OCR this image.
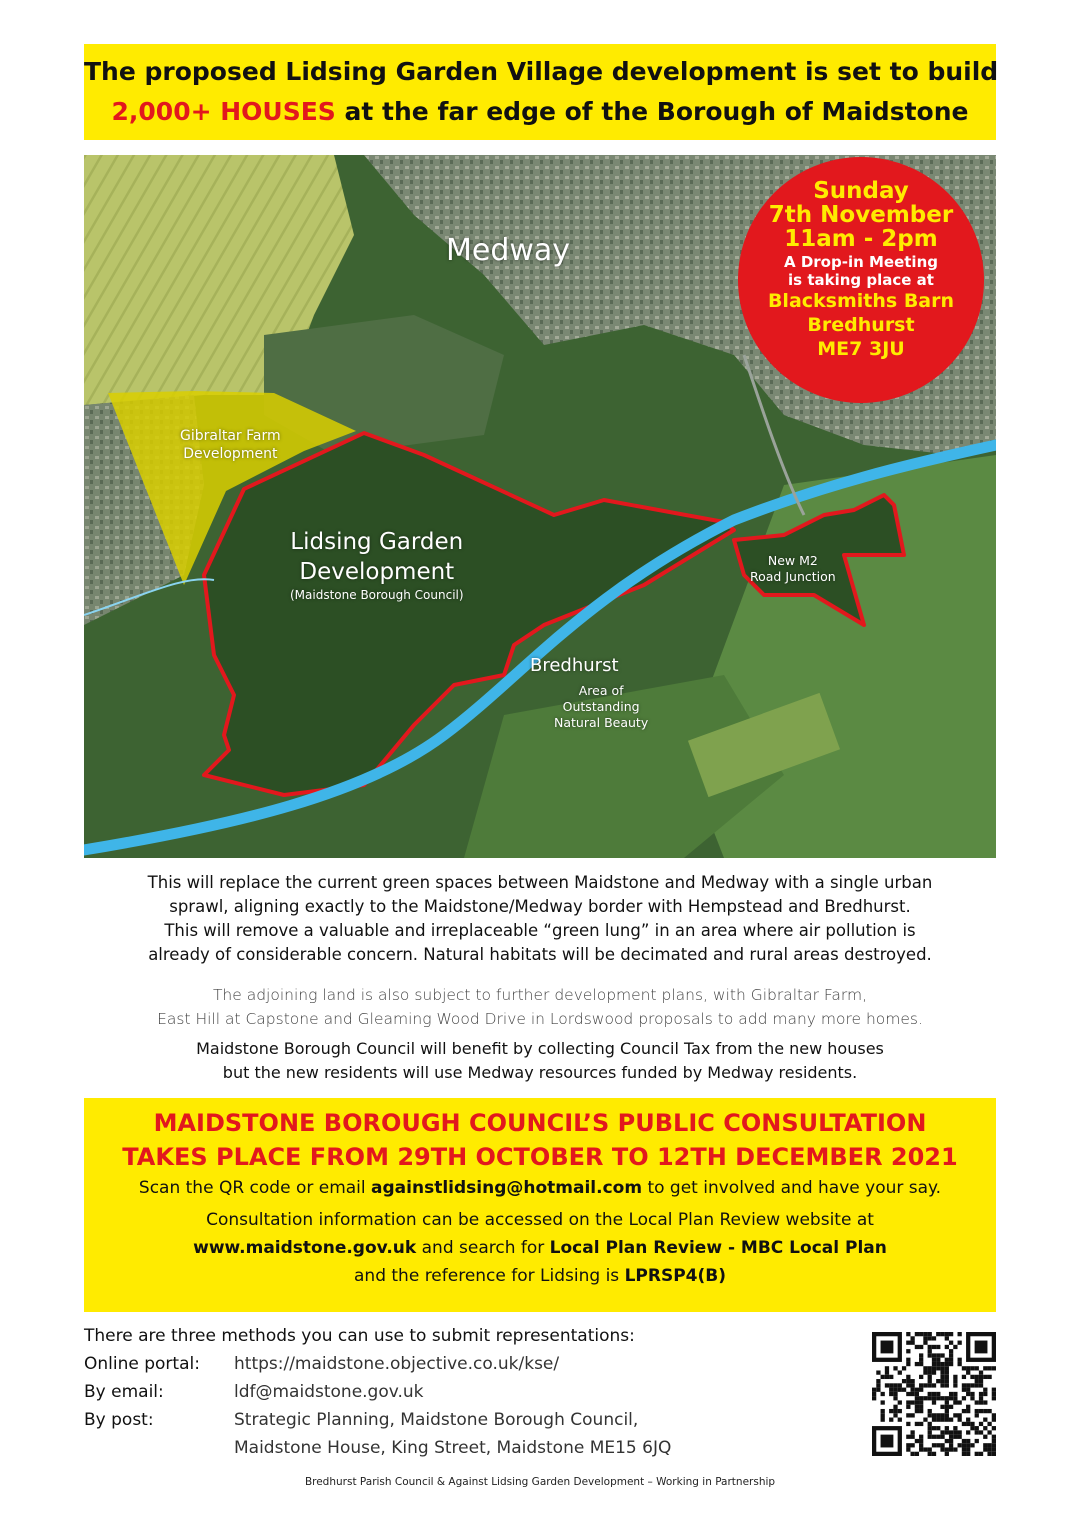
The proposed Lidsing Garden Village development is set to build
2,000+ HOUSES at the far edge of the Borough of Maidstone
Medway
Gibraltar Farm
Development
Lidsing Garden
Development
(Maidstone Borough Council)
New M2
Road Junction
Bredhurst
Area of
Outstanding
Natural Beauty
Sunday
7th November
11am - 2pm
A Drop-in Meeting
is taking place at
Blacksmiths Barn
Bredhurst
ME7 3JU
This will replace the current green spaces between Maidstone and Medway with a single urban
sprawl, aligning exactly to the Maidstone/Medway border with Hempstead and Bredhurst.
This will remove a valuable and irreplaceable “green lung” in an area where air pollution is
already of considerable concern. Natural habitats will be decimated and rural areas destroyed.
The adjoining land is also subject to further development plans, with Gibraltar Farm,
East Hill at Capstone and Gleaming Wood Drive in Lordswood proposals to add many more homes.
Maidstone Borough Council will benefit by collecting Council Tax from the new houses
but the new residents will use Medway resources funded by Medway residents.
MAIDSTONE BOROUGH COUNCIL’S PUBLIC CONSULTATION
TAKES PLACE FROM 29TH OCTOBER TO 12TH DECEMBER 2021
Scan the QR code or email againstlidsing@hotmail.com to get involved and have your say.
Consultation information can be accessed on the Local Plan Review website at
www.maidstone.gov.uk and search for Local Plan Review - MBC Local Plan
and the reference for Lidsing is LPRSP4(B)
There are three methods you can use to submit representations:
Online portal:	https://maidstone.objective.co.uk/kse/
By email:	ldf@maidstone.gov.uk
By post:	Strategic Planning, Maidstone Borough Council,
Maidstone House, King Street, Maidstone ME15 6JQ
Bredhurst Parish Council & Against Lidsing Garden Development – Working in Partnership
